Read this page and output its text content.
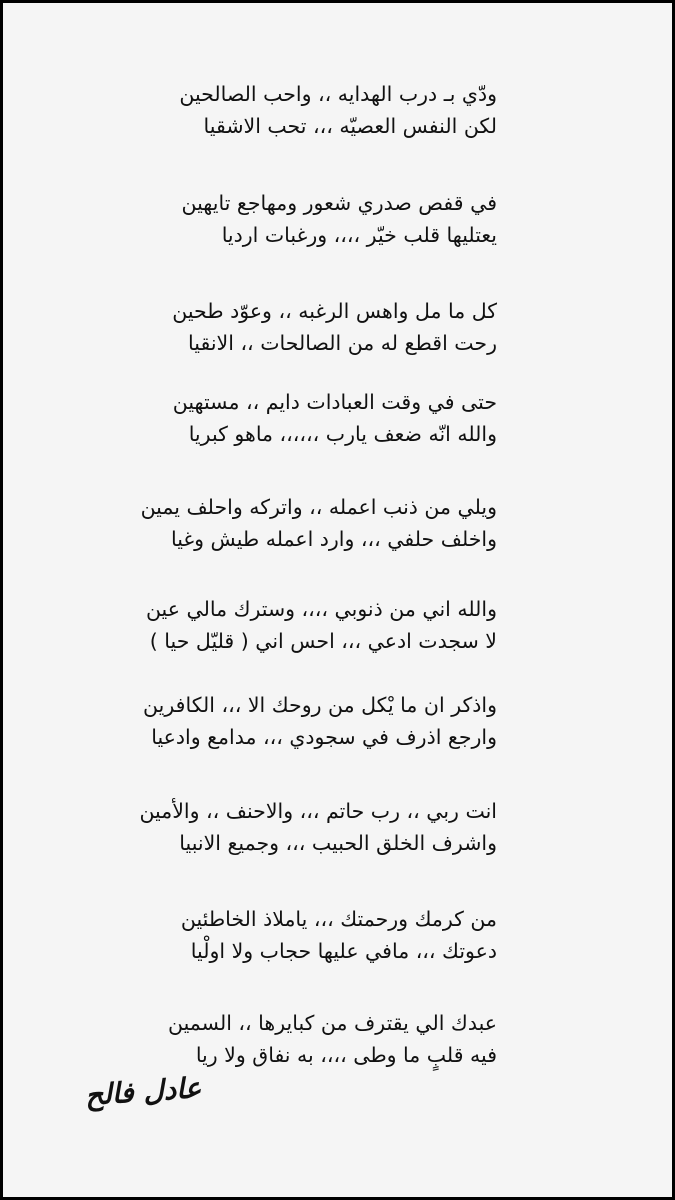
ودّي بـ درب الهدايه ،، واحب الصالحين
لكن النفس العصيّه ،،، تحب الاشقيا
في قفص صدري شعور ومهاجع تايهين
يعتليها قلب خيّر ،،،، ورغبات ارديا
كل ما مل واهس الرغبه ،، وعوّد طحين
رحت اقطع له من الصالحات ،، الانقيا
حتى في وقت العبادات دايم ،، مستهين
والله انّه ضعف يارب ،،،،،، ماهو كبريا
ويلي من ذنب اعمله ،، واتركه واحلف يمين
واخلف حلفي ،،، وارد اعمله طيش وغيا
والله اني من ذنوبي ،،،، وسترك مالي عين
لا سجدت ادعي ،،، احس اني ( قليّل حيا )
واذكر ان ما يْكل من روحك الا ،،، الكافرين
وارجع اذرف في سجودي ،،، مدامع وادعيا
انت ربي ،، رب حاتم ،،، والاحنف ،، والأمين
واشرف الخلق الحبيب ،،، وجميع الانبيا
من كرمك ورحمتك ،،، ياملاذ الخاطئين
دعوتك ،،، مافي عليها حجاب ولا اولْيا
عبدك الي يقترف من كبايرها ،، السمين
فيه قلبٍ ما وطى ،،،، به نفاق ولا ريا
عادل فالح
